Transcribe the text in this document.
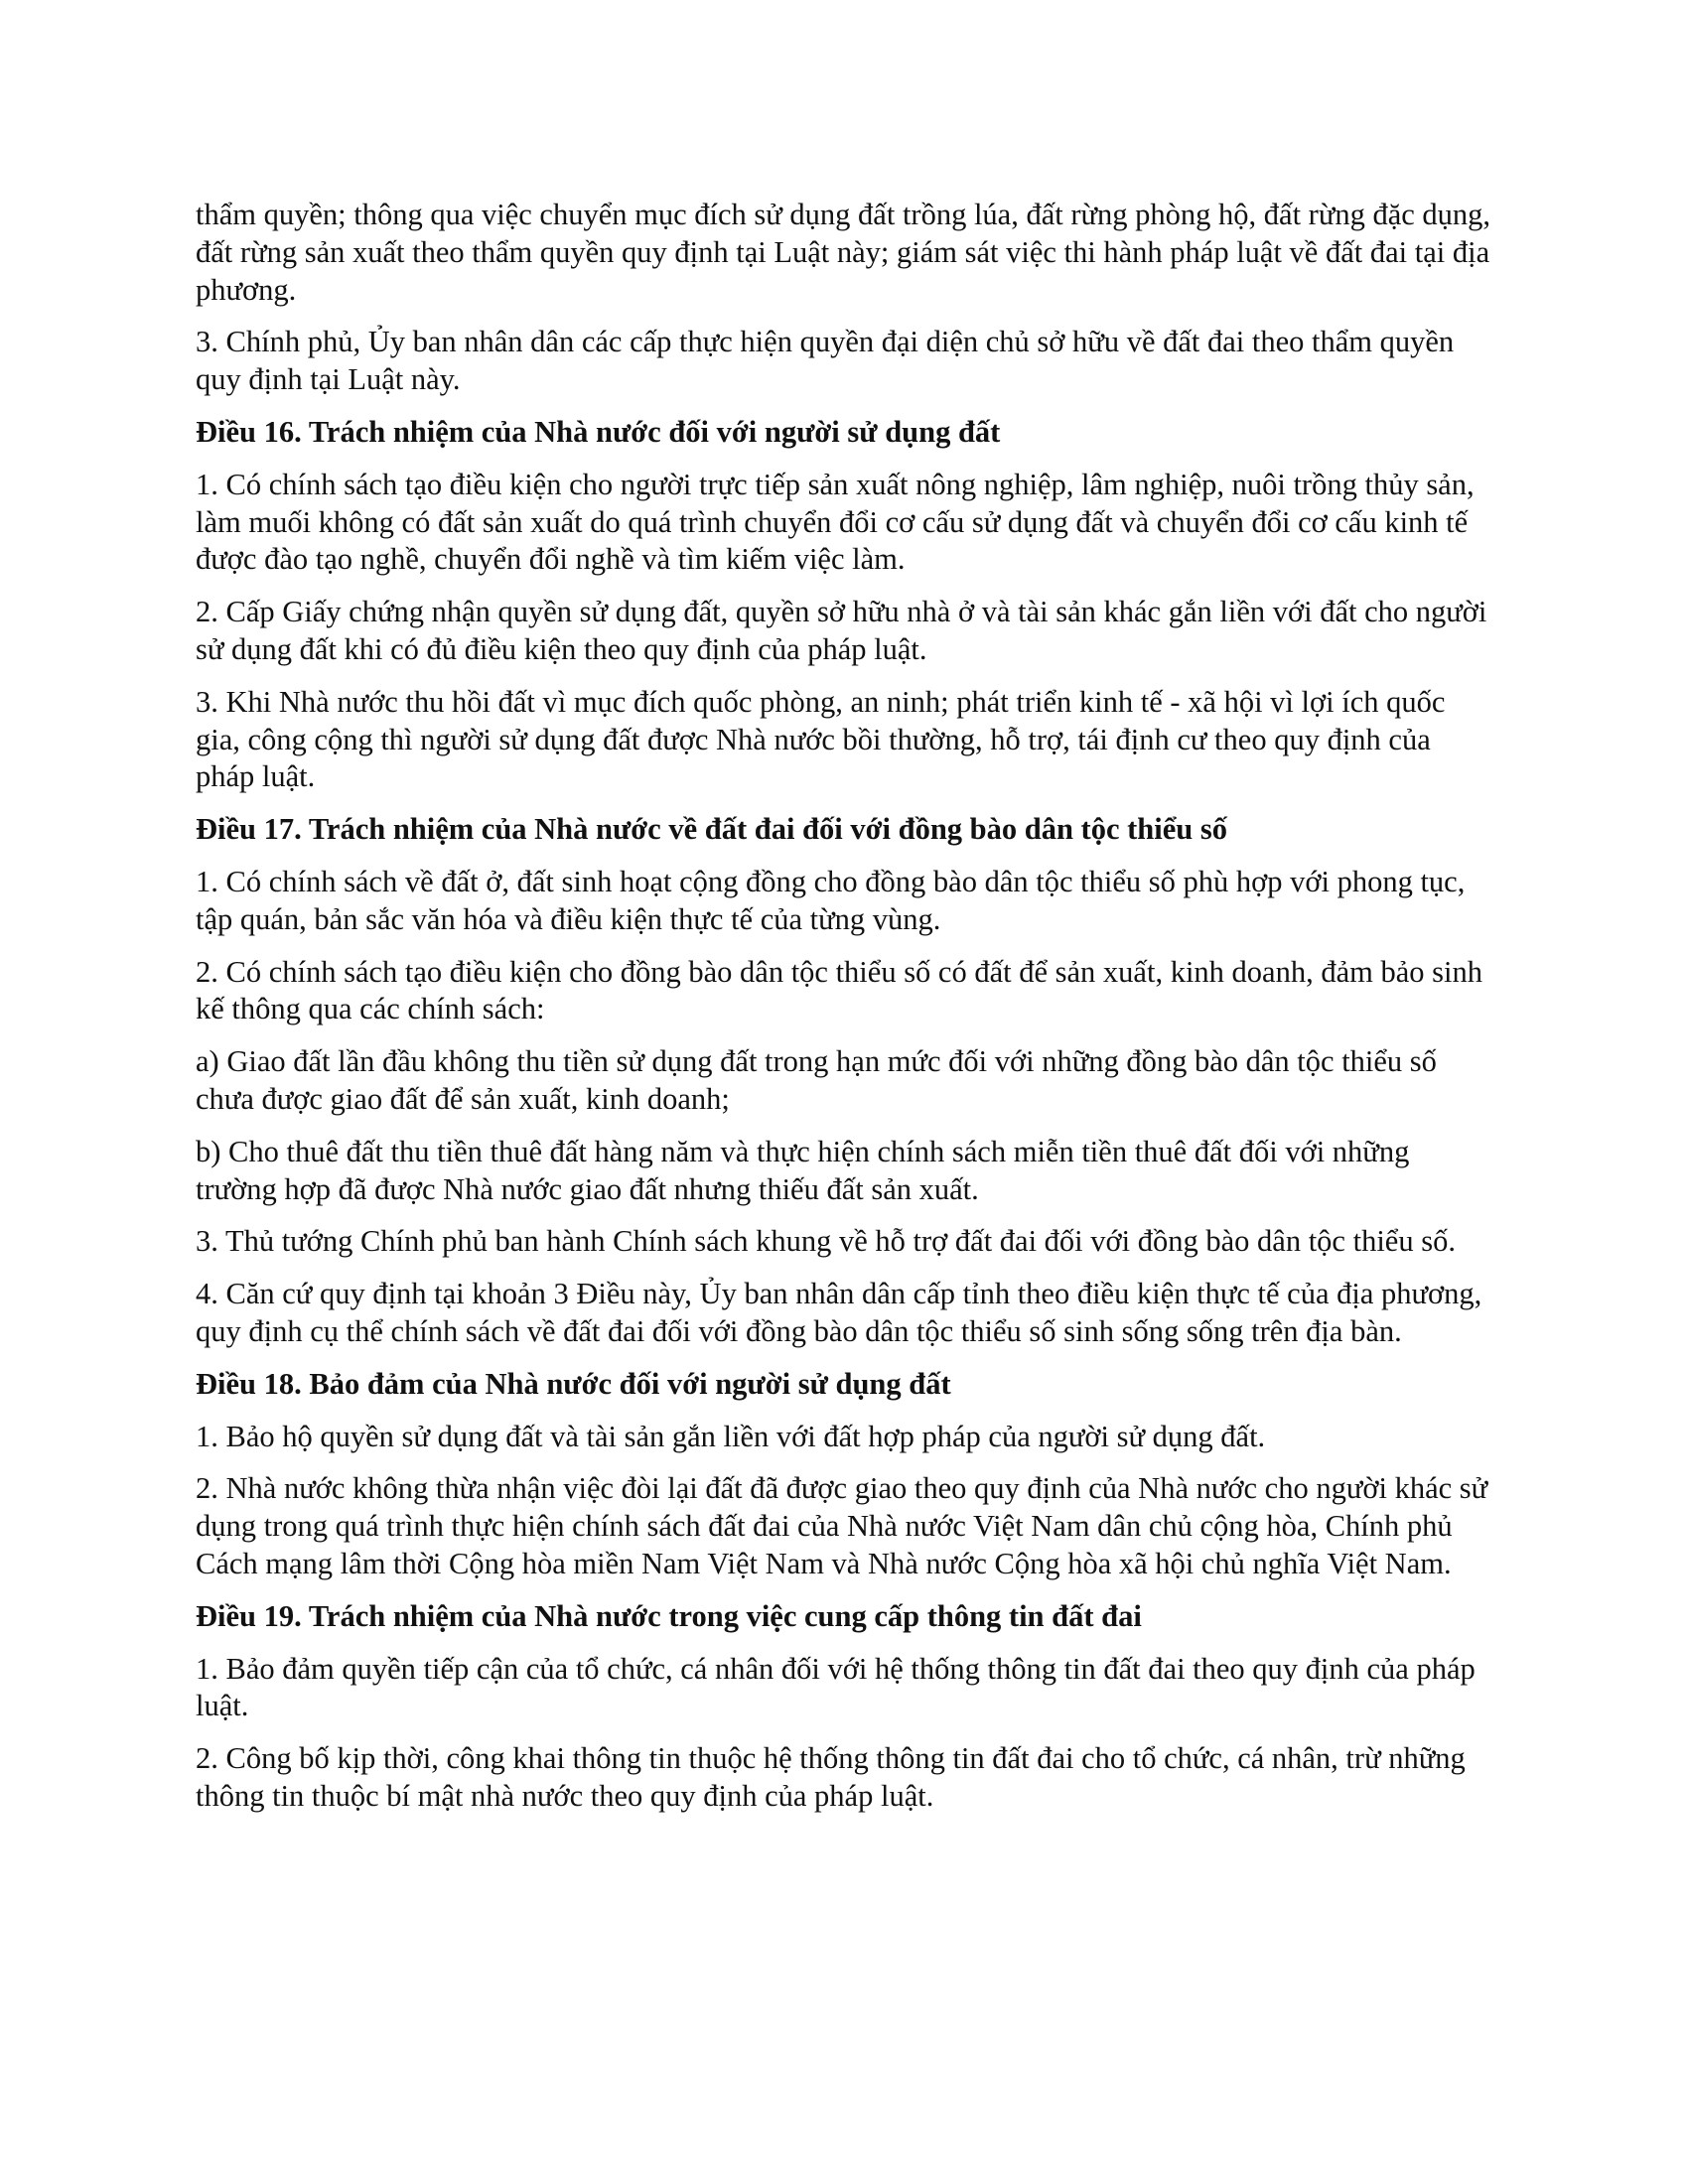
thẩm quyền; thông qua việc chuyển mục đích sử dụng đất trồng lúa, đất rừng phòng hộ, đất rừng đặc dụng, đất rừng sản xuất theo thẩm quyền quy định tại Luật này; giám sát việc thi hành pháp luật về đất đai tại địa phương.

3. Chính phủ, Ủy ban nhân dân các cấp thực hiện quyền đại diện chủ sở hữu về đất đai theo thẩm quyền quy định tại Luật này.

Điều 16. Trách nhiệm của Nhà nước đối với người sử dụng đất

1. Có chính sách tạo điều kiện cho người trực tiếp sản xuất nông nghiệp, lâm nghiệp, nuôi trồng thủy sản, làm muối không có đất sản xuất do quá trình chuyển đổi cơ cấu sử dụng đất và chuyển đổi cơ cấu kinh tế được đào tạo nghề, chuyển đổi nghề và tìm kiếm việc làm.

2. Cấp Giấy chứng nhận quyền sử dụng đất, quyền sở hữu nhà ở và tài sản khác gắn liền với đất cho người sử dụng đất khi có đủ điều kiện theo quy định của pháp luật.

3. Khi Nhà nước thu hồi đất vì mục đích quốc phòng, an ninh; phát triển kinh tế - xã hội vì lợi ích quốc gia, công cộng thì người sử dụng đất được Nhà nước bồi thường, hỗ trợ, tái định cư theo quy định của pháp luật.

Điều 17. Trách nhiệm của Nhà nước về đất đai đối với đồng bào dân tộc thiểu số

1. Có chính sách về đất ở, đất sinh hoạt cộng đồng cho đồng bào dân tộc thiểu số phù hợp với phong tục, tập quán, bản sắc văn hóa và điều kiện thực tế của từng vùng.

2. Có chính sách tạo điều kiện cho đồng bào dân tộc thiểu số có đất để sản xuất, kinh doanh, đảm bảo sinh kế thông qua các chính sách:

a) Giao đất lần đầu không thu tiền sử dụng đất trong hạn mức đối với những đồng bào dân tộc thiểu số chưa được giao đất để sản xuất, kinh doanh;

b) Cho thuê đất thu tiền thuê đất hàng năm và thực hiện chính sách miễn tiền thuê đất đối với những trường hợp đã được Nhà nước giao đất nhưng thiếu đất sản xuất.

3. Thủ tướng Chính phủ ban hành Chính sách khung về hỗ trợ đất đai đối với đồng bào dân tộc thiểu số.

4. Căn cứ quy định tại khoản 3 Điều này, Ủy ban nhân dân cấp tỉnh theo điều kiện thực tế của địa phương, quy định cụ thể chính sách về đất đai đối với đồng bào dân tộc thiểu số sinh sống sống trên địa bàn.

Điều 18. Bảo đảm của Nhà nước đối với người sử dụng đất

1. Bảo hộ quyền sử dụng đất và tài sản gắn liền với đất hợp pháp của người sử dụng đất.

2. Nhà nước không thừa nhận việc đòi lại đất đã được giao theo quy định của Nhà nước cho người khác sử dụng trong quá trình thực hiện chính sách đất đai của Nhà nước Việt Nam dân chủ cộng hòa, Chính phủ Cách mạng lâm thời Cộng hòa miền Nam Việt Nam và Nhà nước Cộng hòa xã hội chủ nghĩa Việt Nam.

Điều 19. Trách nhiệm của Nhà nước trong việc cung cấp thông tin đất đai

1. Bảo đảm quyền tiếp cận của tổ chức, cá nhân đối với hệ thống thông tin đất đai theo quy định của pháp luật.

2. Công bố kịp thời, công khai thông tin thuộc hệ thống thông tin đất đai cho tổ chức, cá nhân, trừ những thông tin thuộc bí mật nhà nước theo quy định của pháp luật.
